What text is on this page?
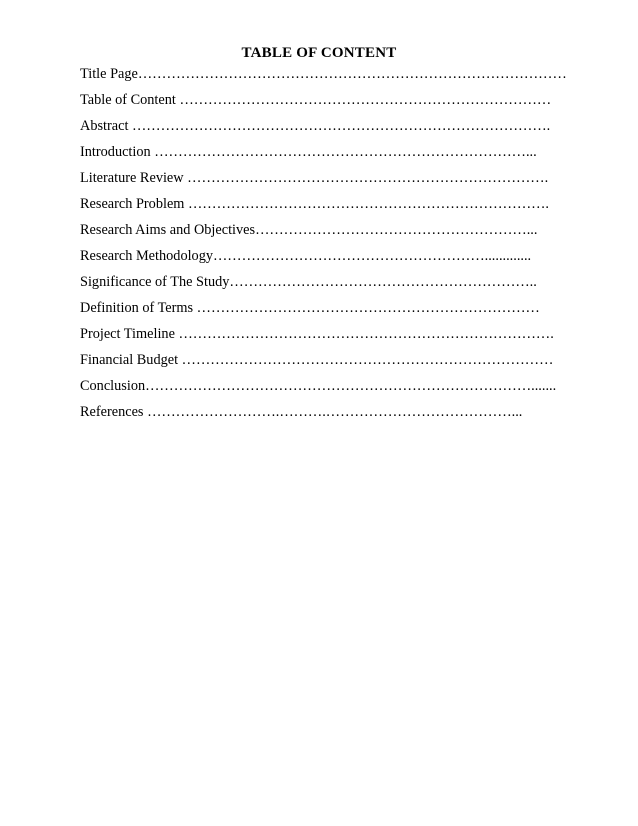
TABLE OF CONTENT
Title Page………………………………………………………………………………
Table of Content ……………………………………………………………………
Abstract …………………………………………………………………………….
Introduction ……………………………………………………………………...
Literature Review ………………………………………………………………….
Research Problem ………………………………………………………………….
Research Aims and Objectives…………………………………………………...
Research Methodology………………………………………………….............
Significance of The Study………………………………………………………..
Definition of Terms ………………………………………………………………
Project Timeline …………………………………………………………………….
Financial Budget ……………………………………………………………………
Conclusion……………………………………………………………………….......
References ……………………….……….…………………………………...
